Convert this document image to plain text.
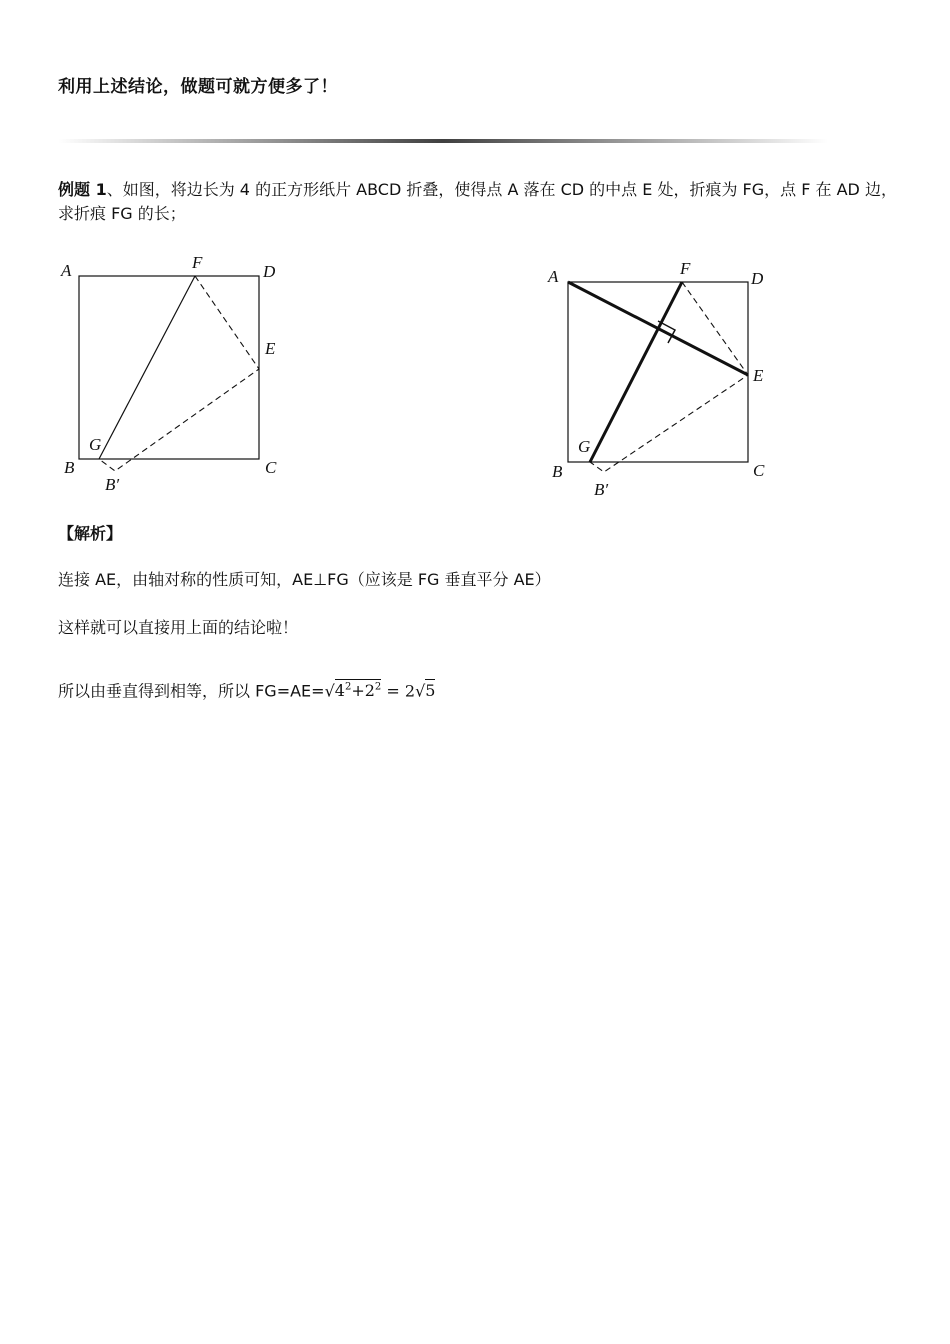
利用上述结论，做题可就方便多了！
例题 1、如图，将边长为 4 的正方形纸片 ABCD 折叠，使得点 A 落在 CD 的中点 E 处，折痕为 FG，点 F 在 AD 边，求折痕 FG 的长；
A	F	D
E
G
B
B′
C
A	F
D
E
G
B
B′
C
【解析】
连接 AE，由轴对称的性质可知，AE⊥FG（应该是 FG 垂直平分 AE）
这样就可以直接用上面的结论啦！
所以由垂直得到相等，所以 $FG=AE=√4^2+2^2 = 2√5$
